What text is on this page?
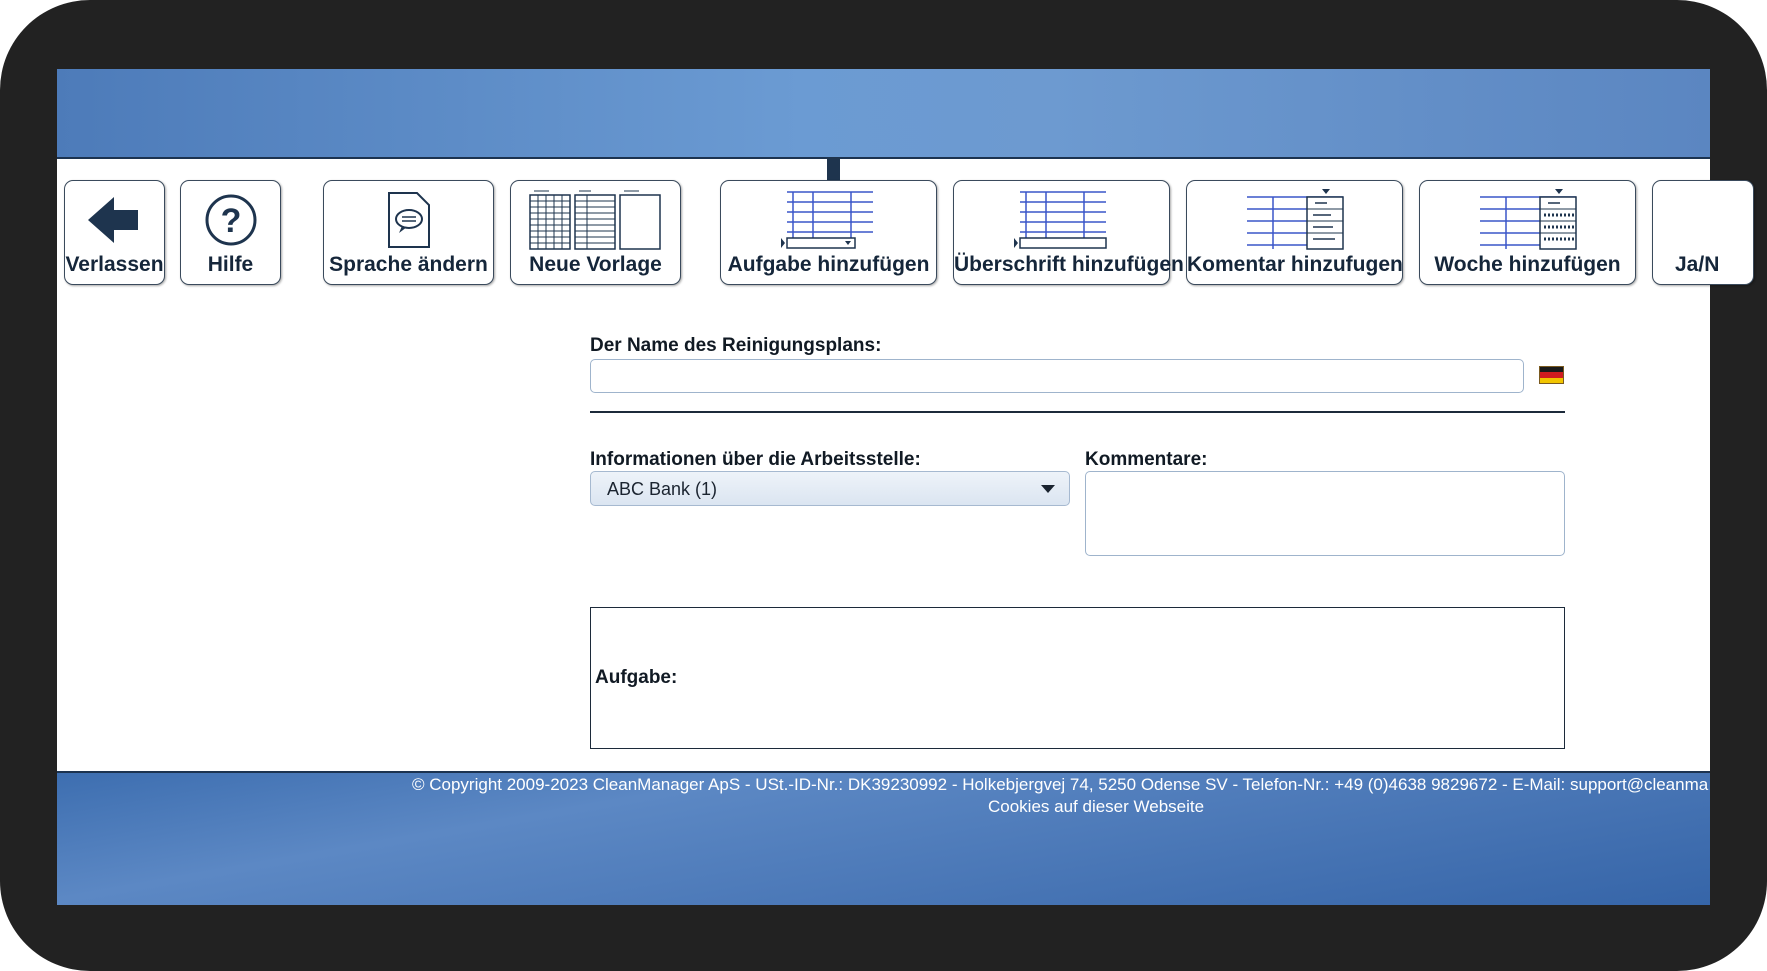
Verlassen
?
Hilfe	Sprache ändern	Neue Vorlage	Aufgabe hinzufügen	Überschrift hinzufügen Komentar hinzufugen	Woche hinzufügen	Ja/N
Der Name des Reinigungsplans:
Informationen über die Arbeitsstelle:
ABC Bank (1)
Kommentare:
Aufgabe:
© Copyright 2009-2023 CleanManager ApS - USt.-ID-Nr.: DK39230992 - Holkebjergvej 74, 5250 Odense SV - Telefon-Nr.: +49 (0)4638 9829672 - E-Mail: support@cleanma
Cookies auf dieser Webseite
